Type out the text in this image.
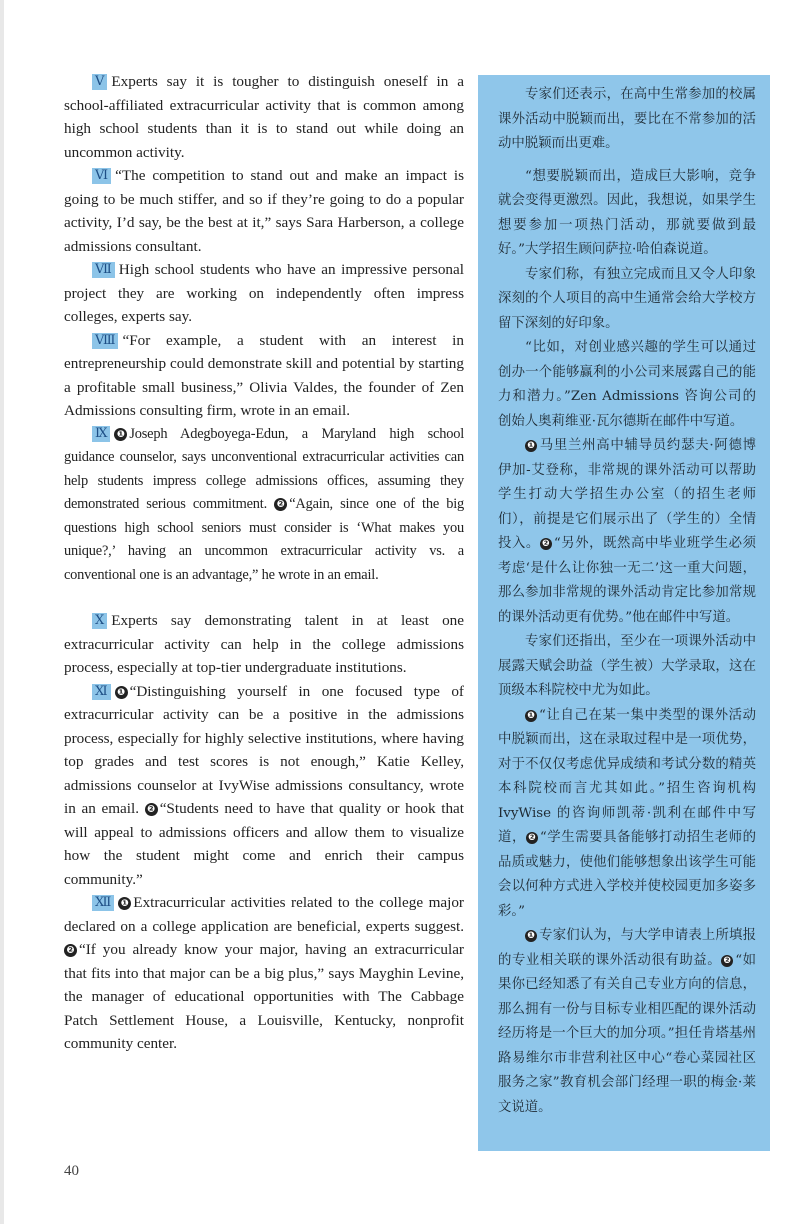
Ⅴ Experts say it is tougher to distinguish oneself in a school-affiliated extracurricular activity that is common among high school students than it is to stand out while doing an uncommon activity.

Ⅵ “The competition to stand out and make an impact is going to be much stiffer, and so if they’re going to do a popular activity, I’d say, be the best at it,” says Sara Harberson, a college admissions consultant.

Ⅶ High school students who have an impressive personal project they are working on independently often impress colleges, experts say.

Ⅷ “For example, a student with an interest in entrepreneurship could demonstrate skill and potential by starting a profitable small business,” Olivia Valdes, the founder of Zen Admissions consulting firm, wrote in an email.

Ⅸ ❶ Joseph Adegboyega-Edun, a Maryland high school guidance counselor, says unconventional extracurricular activities can help students impress college admissions offices, assuming they demonstrated serious commitment. ❷ “Again, since one of the big questions high school seniors must consider is ‘What makes you unique?,’ having an uncommon extracurricular activity vs. a conventional one is an advantage,” he wrote in an email.

Ⅹ Experts say demonstrating talent in at least one extracurricular activity can help in the college admissions process, especially at top-tier undergraduate institutions.

Ⅺ ❶ “Distinguishing yourself in one focused type of extracurricular activity can be a positive in the admissions process, especially for highly selective institutions, where having top grades and test scores is not enough,” Katie Kelley, admissions counselor at IvyWise admissions consultancy, wrote in an email. ❷ “Students need to have that quality or hook that will appeal to admissions officers and allow them to visualize how the student might come and enrich their campus community.”

Ⅻ ❶ Extracurricular activities related to the college major declared on a college application are beneficial, experts suggest. ❷ “If you already know your major, having an extracurricular that fits into that major can be a big plus,” says Mayghin Levine, the manager of educational opportunities with The Cabbage Patch Settlement House, a Louisville, Kentucky, nonprofit community center.

专家们还表示，在高中生常参加的校属课外活动中脱颖而出，要比在不常参加的活动中脱颖而出更难。

“想要脱颖而出，造成巨大影响，竞争就会变得更激烈。因此，我想说，如果学生想要参加一项热门活动，那就要做到最好。”大学招生顾问萨拉·哈伯森说道。

专家们称，有独立完成而且又令人印象深刻的个人项目的高中生通常会给大学校方留下深刻的好印象。

“比如，对创业感兴趣的学生可以通过创办一个能够赢利的小公司来展露自己的能力和潜力。”Zen Admissions 咨询公司的创始人奥莉维亚·瓦尔德斯在邮件中写道。

❶ 马里兰州高中辅导员约瑟夫·阿德博伊加-艾登称，非常规的课外活动可以帮助学生打动大学招生办公室（的招生老师们），前提是它们展示出了（学生的）全情投入。 ❷ “另外，既然高中毕业班学生必须考虑‘是什么让你独一无二’这一重大问题，那么参加非常规的课外活动肯定比参加常规的课外活动更有优势。”他在邮件中写道。

专家们还指出，至少在一项课外活动中展露天赋会助益（学生被）大学录取，这在顶级本科院校中尤为如此。

❶ “让自己在某一集中类型的课外活动中脱颖而出，这在录取过程中是一项优势，对于不仅仅考虑优异成绩和考试分数的精英本科院校而言尤其如此。”招生咨询机构 IvyWise 的咨询师凯蒂·凯利在邮件中写道， ❷ “学生需要具备能够打动招生老师的品质或魅力，使他们能够想象出该学生可能会以何种方式进入学校并使校园更加多姿多彩。”

❶ 专家们认为，与大学申请表上所填报的专业相关联的课外活动很有助益。 ❷ “如果你已经知悉了有关自己专业方向的信息，那么拥有一份与目标专业相匹配的课外活动经历将是一个巨大的加分项。”担任肯塔基州路易维尔市非营利社区中心“卷心菜园社区服务之家”教育机会部门经理一职的梅金·莱文说道。

40
